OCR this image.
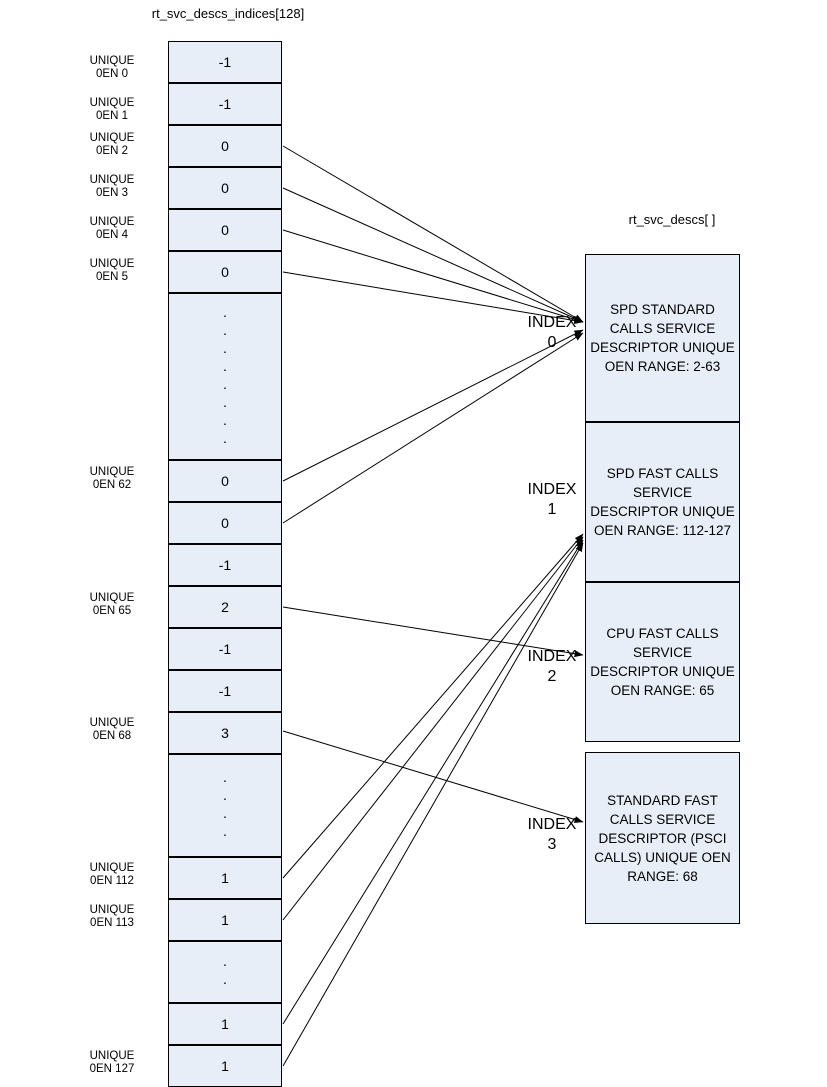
rt_svc_descs_indices[128]
rt_svc_descs[ ]
-1
-1
0
0
0
0
.
.
.
.
.
.
.
.
0
0
-1
2
-1
-1
3
.
.
.
.
1
1
.
.
1
1
UNIQUE
0EN 0
UNIQUE
0EN 1
UNIQUE
0EN 2
UNIQUE
0EN 3
UNIQUE
0EN 4
UNIQUE
0EN 5
UNIQUE
0EN 62
UNIQUE
0EN 65
UNIQUE
0EN 68
UNIQUE
0EN 112
UNIQUE
0EN 113
UNIQUE
0EN 127
SPD STANDARD CALLS SERVICE DESCRIPTOR UNIQUE OEN RANGE: 2-63
SPD FAST CALLS SERVICE DESCRIPTOR UNIQUE OEN RANGE: 112-127
CPU FAST CALLS SERVICE DESCRIPTOR UNIQUE OEN RANGE: 65
STANDARD FAST CALLS SERVICE DESCRIPTOR (PSCI CALLS) UNIQUE OEN RANGE: 68
INDEX
0
INDEX
1
INDEX
2
INDEX
3
